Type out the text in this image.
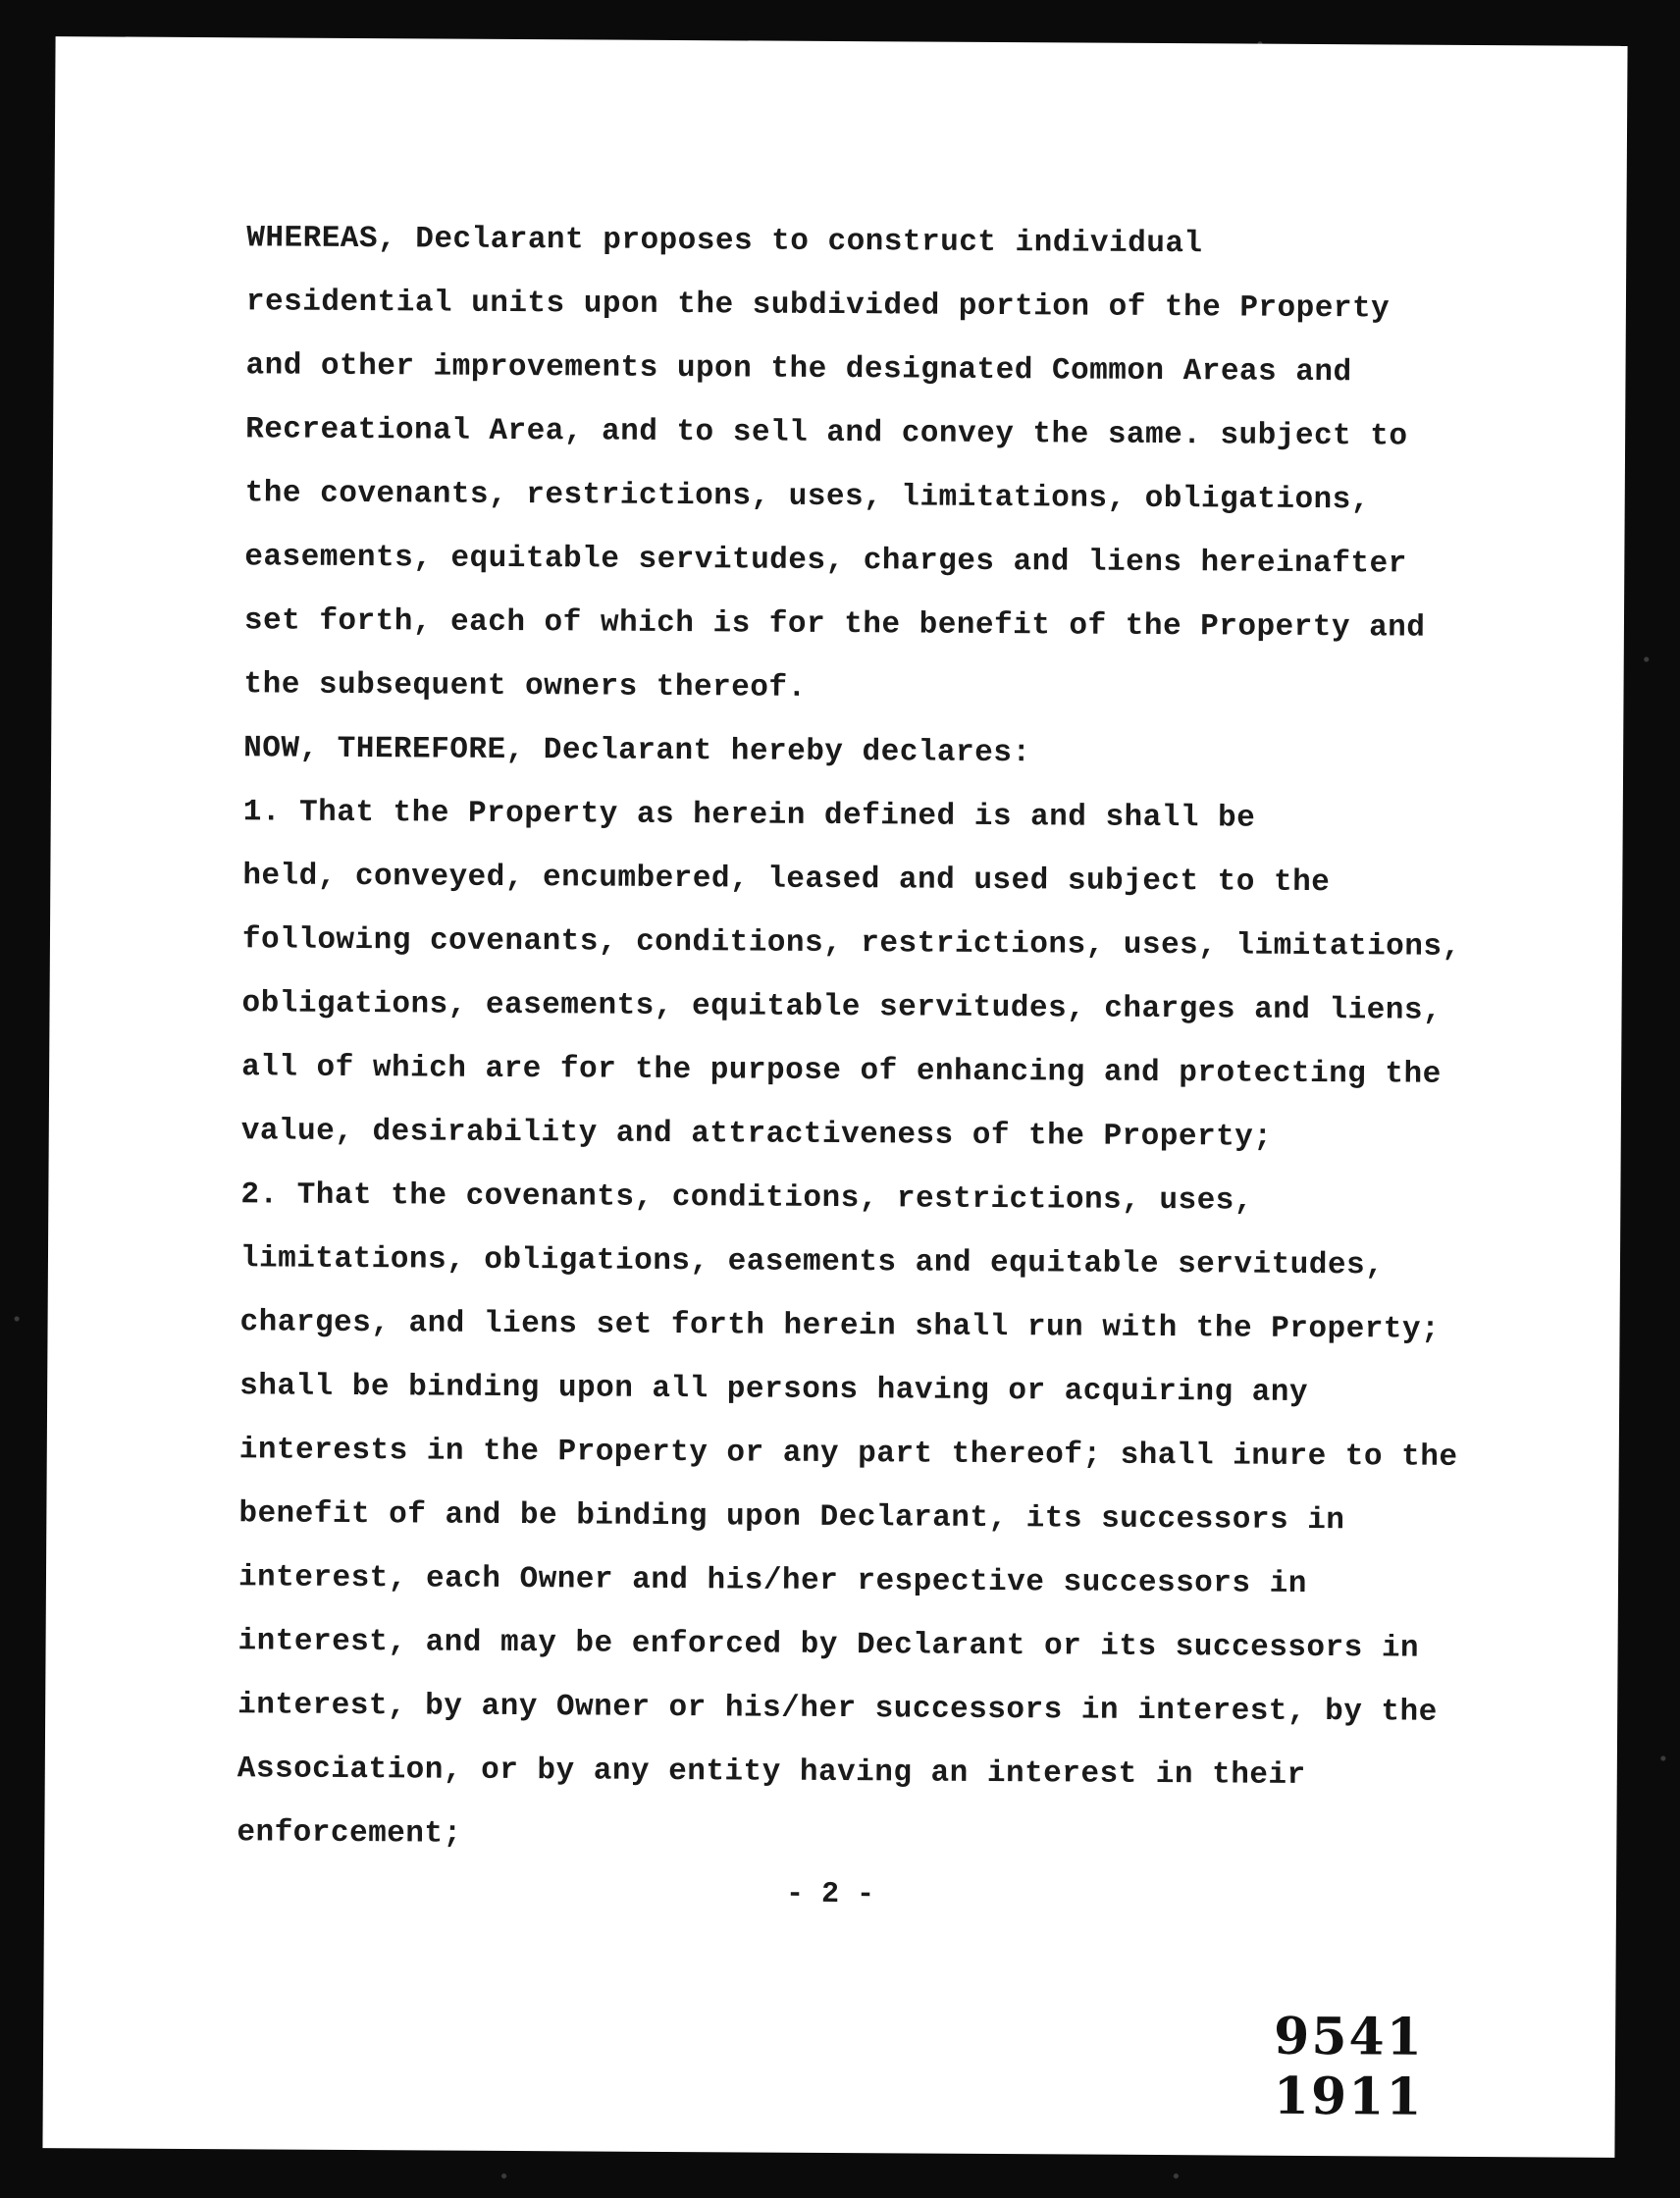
WHEREAS, Declarant proposes to construct individual
residential units upon the subdivided portion of the Property
and other improvements upon the designated Common Areas and
Recreational Area, and to sell and convey the same. subject to
the covenants, restrictions, uses, limitations, obligations,
easements, equitable servitudes, charges and liens hereinafter
set forth, each of which is for the benefit of the Property and
the subsequent owners thereof.
NOW, THEREFORE, Declarant hereby declares:
1. That the Property as herein defined is and shall be
held, conveyed, encumbered, leased and used subject to the
following covenants, conditions, restrictions, uses, limitations,
obligations, easements, equitable servitudes, charges and liens,
all of which are for the purpose of enhancing and protecting the
value, desirability and attractiveness of the Property;
2. That the covenants, conditions, restrictions, uses,
limitations, obligations, easements and equitable servitudes,
charges, and liens set forth herein shall run with the Property;
shall be binding upon all persons having or acquiring any
interests in the Property or any part thereof; shall inure to the
benefit of and be binding upon Declarant, its successors in
interest, each Owner and his/her respective successors in
interest, and may be enforced by Declarant or its successors in
interest, by any Owner or his/her successors in interest, by the
Association, or by any entity having an interest in their
enforcement;
- 2 -
9541 1911
